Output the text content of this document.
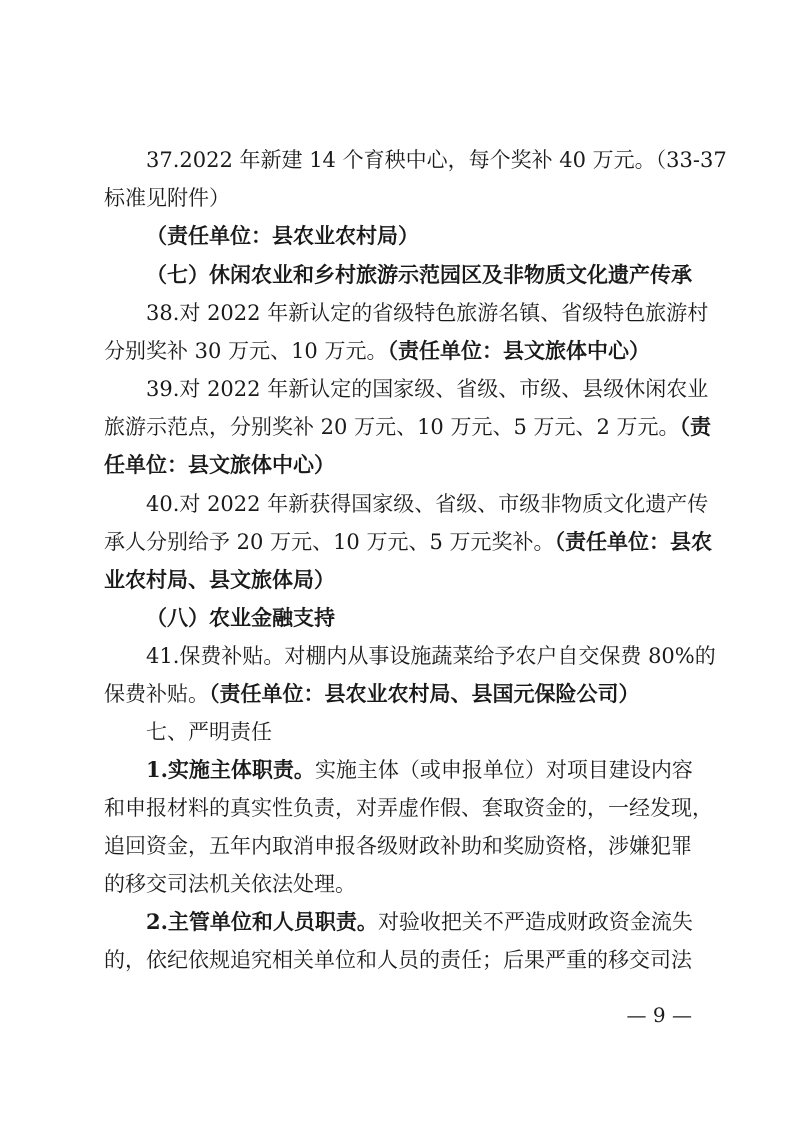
37.2022 年新建 14 个育秧中心，每个奖补 40 万元。（33-37
标准见附件）
（责任单位：县农业农村局）
（七）休闲农业和乡村旅游示范园区及非物质文化遗产传承
38.对 2022 年新认定的省级特色旅游名镇、省级特色旅游村
分别奖补 30 万元、10 万元。（责任单位：县文旅体中心）
39.对 2022 年新认定的国家级、省级、市级、县级休闲农业
旅游示范点，分别奖补 20 万元、10 万元、5 万元、2 万元。（责
任单位：县文旅体中心）
40.对 2022 年新获得国家级、省级、市级非物质文化遗产传
承人分别给予 20 万元、10 万元、5 万元奖补。（责任单位：县农
业农村局、县文旅体局）
（八）农业金融支持
41.保费补贴。对棚内从事设施蔬菜给予农户自交保费 80%的
保费补贴。（责任单位：县农业农村局、县国元保险公司）
七、严明责任
1.实施主体职责。实施主体（或申报单位）对项目建设内容
和申报材料的真实性负责，对弄虚作假、套取资金的，一经发现，
追回资金，五年内取消申报各级财政补助和奖励资格，涉嫌犯罪
的移交司法机关依法处理。
2.主管单位和人员职责。对验收把关不严造成财政资金流失
的，依纪依规追究相关单位和人员的责任；后果严重的移交司法
— 9 —
